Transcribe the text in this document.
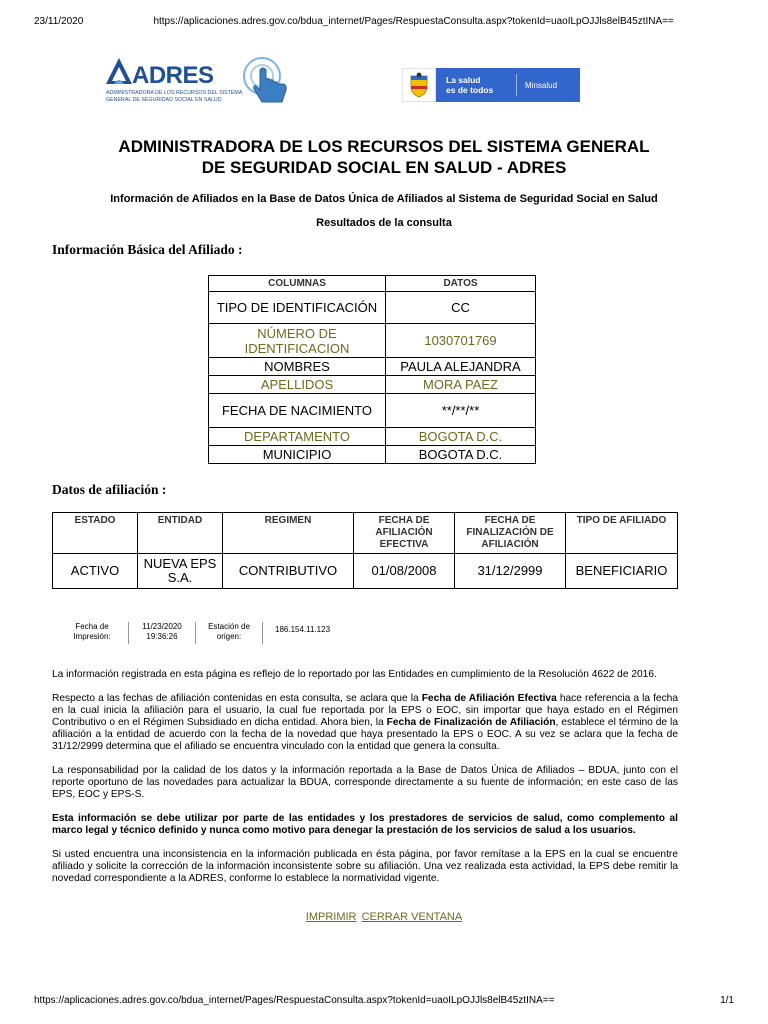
23/11/2020	https://aplicaciones.adres.gov.co/bdua_internet/Pages/RespuestaConsulta.aspx?tokenId=uaoILpOJJls8elB45ztINA==
ADRES
ADMINISTRADORA DE LOS RECURSOS DEL SISTEMA
GENERAL DE SEGURIDAD SOCIAL EN SALUD
La salud
es de todos	Minsalud
ADMINISTRADORA DE LOS RECURSOS DEL SISTEMA GENERAL
DE SEGURIDAD SOCIAL EN SALUD - ADRES
Información de Afiliados en la Base de Datos Única de Afiliados al Sistema de Seguridad Social en Salud
Resultados de la consulta
Información Básica del Afiliado :
COLUMNAS	DATOS
TIPO DE IDENTIFICACIÓN	CC
NÚMERO DE IDENTIFICACION	1030701769
NOMBRES	PAULA ALEJANDRA
APELLIDOS	MORA PAEZ
FECHA DE NACIMIENTO	**/**/**
DEPARTAMENTO	BOGOTA D.C.
MUNICIPIO	BOGOTA D.C.
Datos de afiliación :
ESTADO	ENTIDAD	REGIMEN	FECHA DE AFILIACIÓN EFECTIVA	FECHA DE FINALIZACIÓN DE AFILIACIÓN	TIPO DE AFILIADO
ACTIVO	NUEVA EPS S.A.	CONTRIBUTIVO	01/08/2008	31/12/2999	BENEFICIARIO
Fecha de Impresión:
11/23/2020 19:36:26
Estación de origen:
186.154.11.123

La información registrada en esta página es reflejo de lo reportado por las Entidades en cumplimiento de la Resolución 4622 de 2016.

Respecto a las fechas de afiliación contenidas en esta consulta, se aclara que la Fecha de Afiliación Efectiva hace referencia a la fecha en la cual inicia la afiliación para el usuario, la cual fue reportada por la EPS o EOC, sin importar que haya estado en el Régimen Contributivo o en el Régimen Subsidiado en dicha entidad. Ahora bien, la Fecha de Finalización de Afiliación, establece el término de la afiliación a la entidad de acuerdo con la fecha de la novedad que haya presentado la EPS o EOC. A su vez se aclara que la fecha de 31/12/2999 determina que el afiliado se encuentra vinculado con la entidad que genera la consulta.

La responsabilidad por la calidad de los datos y la información reportada a la Base de Datos Única de Afiliados – BDUA, junto con el reporte oportuno de las novedades para actualizar la BDUA, corresponde directamente a su fuente de información; en este caso de las EPS, EOC y EPS-S.

Esta información se debe utilizar por parte de las entidades y los prestadores de servicios de salud, como complemento al marco legal y técnico definido y nunca como motivo para denegar la prestación de los servicios de salud a los usuarios.

Si usted encuentra una inconsistencia en la información publicada en ésta página, por favor remítase a la EPS en la cual se encuentre afiliado y solicite la corrección de la información inconsistente sobre su afiliación. Una vez realizada esta actividad, la EPS debe remitir la novedad correspondiente a la ADRES, conforme lo establece la normatividad vigente.

IMPRIMIR CERRAR VENTANA
https://aplicaciones.adres.gov.co/bdua_internet/Pages/RespuestaConsulta.aspx?tokenId=uaoILpOJJls8elB45ztINA==	1/1
